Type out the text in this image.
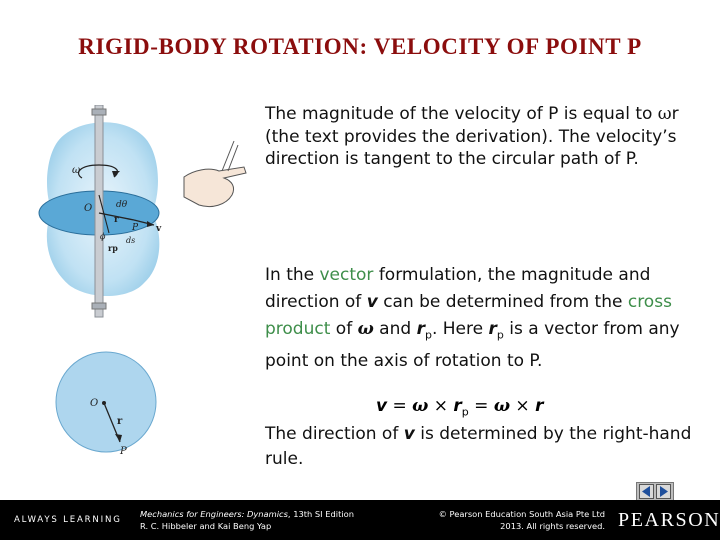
RIGID-BODY ROTATION: VELOCITY OF POINT P
ω
O	dθ
r
P
ϕ
rp
ds
v
O
r
P
The magnitude of the velocity of P is equal to ωr (the text provides the derivation). The velocity’s direction is tangent to the circular path of P.
In the vector formulation, the magnitude and direction of v can be determined from the cross product of ω and $r_p$. Here $r_p$ is a vector from any point on the axis of rotation to P.
$v = \omega \times r_p = \omega \times r$
The direction of v is determined by the right-hand rule.
ALWAYS LEARNING
Mechanics for Engineers: Dynamics, 13th SI Edition
R. C. Hibbeler and Kai Beng Yap
© Pearson Education South Asia Pte Ltd
2013. All rights reserved. PEARSON
